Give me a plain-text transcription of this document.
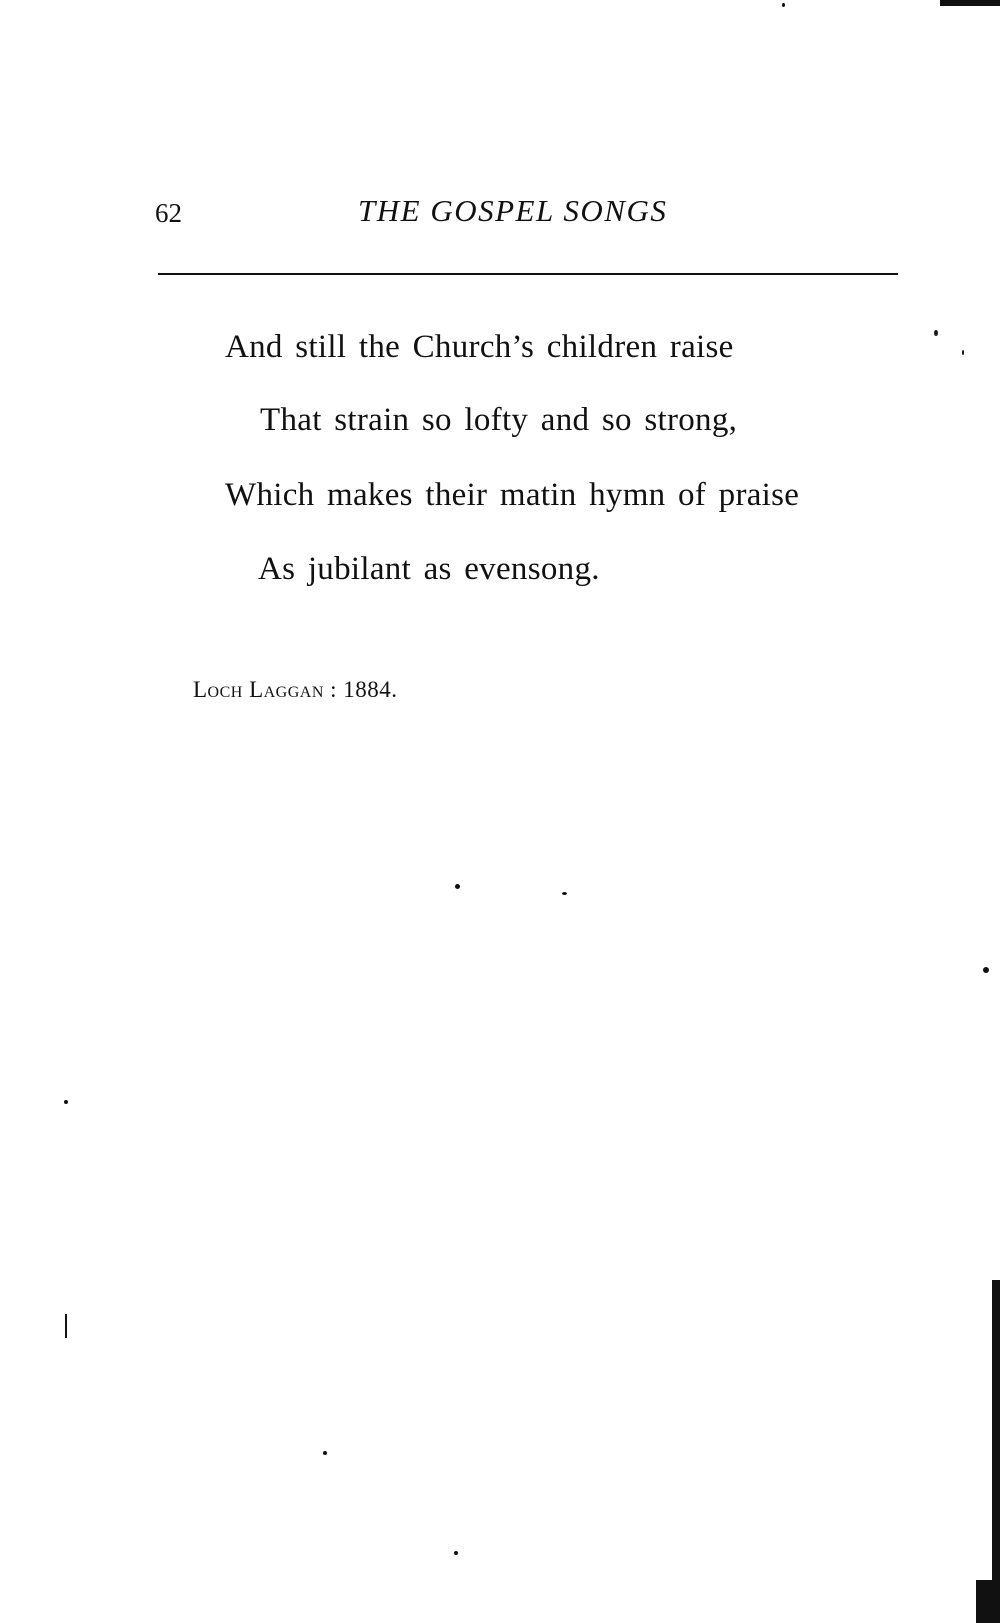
62	THE GOSPEL SONGS
And still the Church’s children raise
That strain so lofty and so strong,
Which makes their matin hymn of praise
As jubilant as evensong.
Loch Laggan : 1884.
